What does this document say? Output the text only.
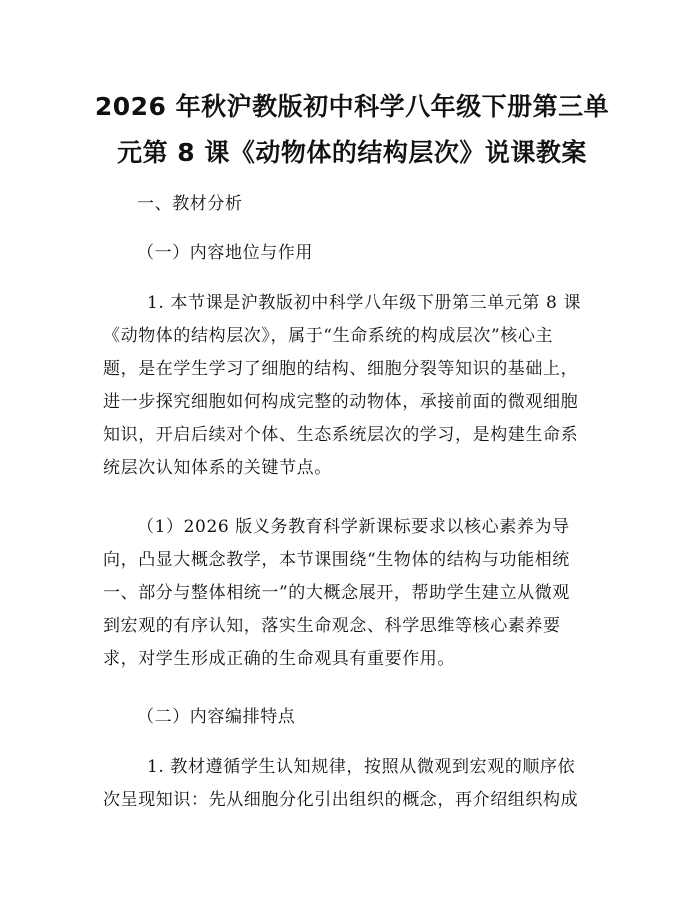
2026 年秋沪教版初中科学八年级下册第三单
元第 8 课《动物体的结构层次》说课教案
一、教材分析
（一）内容地位与作用
1. 本节课是沪教版初中科学八年级下册第三单元第 8 课
《动物体的结构层次》，属于“生命系统的构成层次”核心主
题，是在学生学习了细胞的结构、细胞分裂等知识的基础上，
进一步探究细胞如何构成完整的动物体，承接前面的微观细胞
知识，开启后续对个体、生态系统层次的学习，是构建生命系
统层次认知体系的关键节点。
（1）2026 版义务教育科学新课标要求以核心素养为导
向，凸显大概念教学，本节课围绕“生物体的结构与功能相统
一、部分与整体相统一”的大概念展开，帮助学生建立从微观
到宏观的有序认知，落实生命观念、科学思维等核心素养要
求，对学生形成正确的生命观具有重要作用。
（二）内容编排特点
1. 教材遵循学生认知规律，按照从微观到宏观的顺序依
次呈现知识：先从细胞分化引出组织的概念，再介绍组织构成
